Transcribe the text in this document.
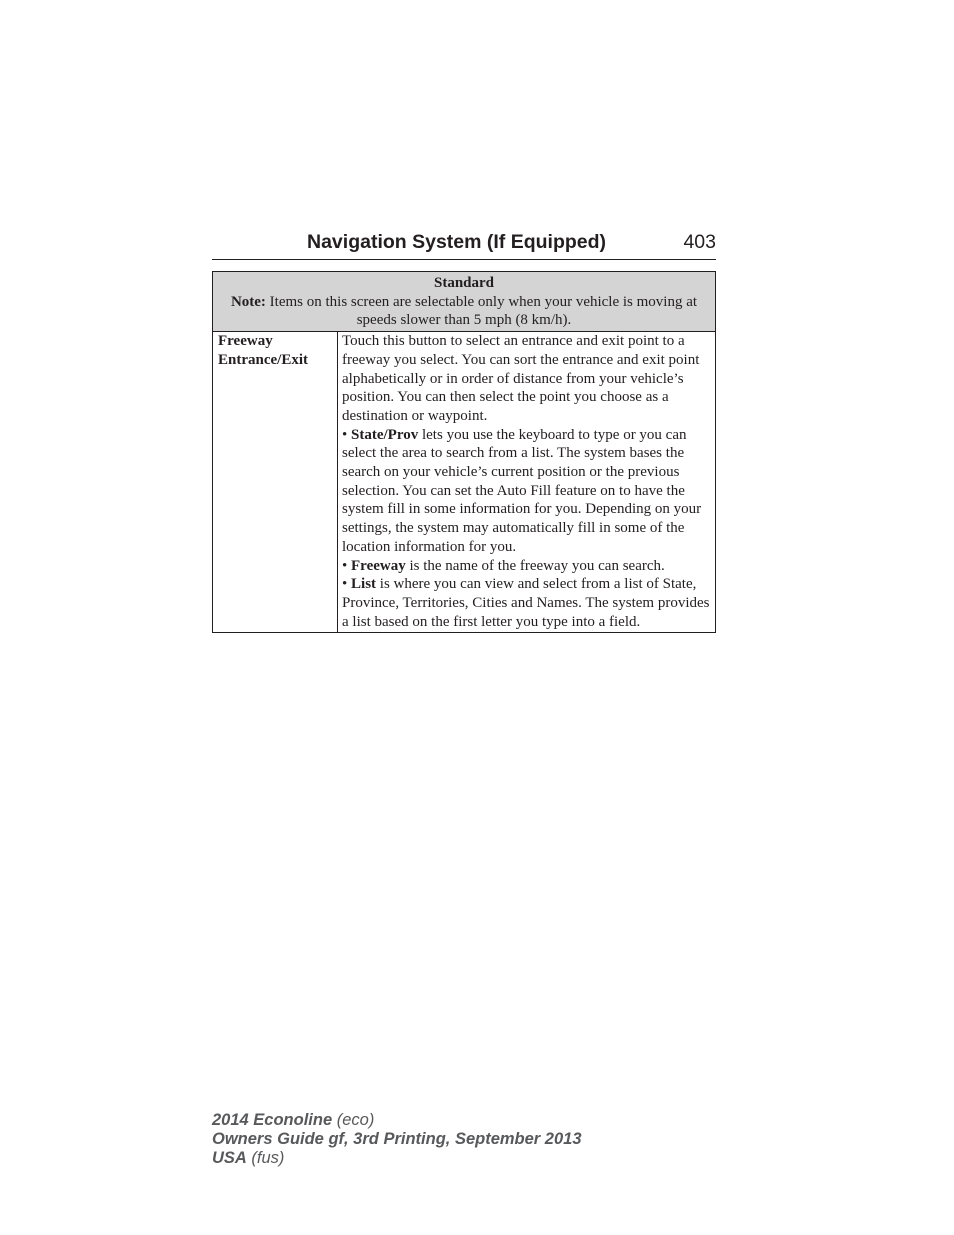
Navigation System (If Equipped)	403
Standard
Note: Items on this screen are selectable only when your vehicle is moving at speeds slower than 5 mph (8 km/h).

Freeway
Entrance/Exit

Touch this button to select an entrance and exit point to a freeway you select. You can sort the entrance and exit point alphabetically or in order of distance from your vehicle’s position. You can then select the point you choose as a destination or waypoint.
• State/Prov lets you use the keyboard to type or you can select the area to search from a list. The system bases the search on your vehicle’s current position or the previous selection. You can set the Auto Fill feature on to have the system fill in some information for you. Depending on your settings, the system may automatically fill in some of the location information for you.
• Freeway is the name of the freeway you can search.
• List is where you can view and select from a list of State, Province, Territories, Cities and Names. The system provides a list based on the first letter you type into a field.
2014 Econoline (eco)
Owners Guide gf, 3rd Printing, September 2013
USA (fus)
